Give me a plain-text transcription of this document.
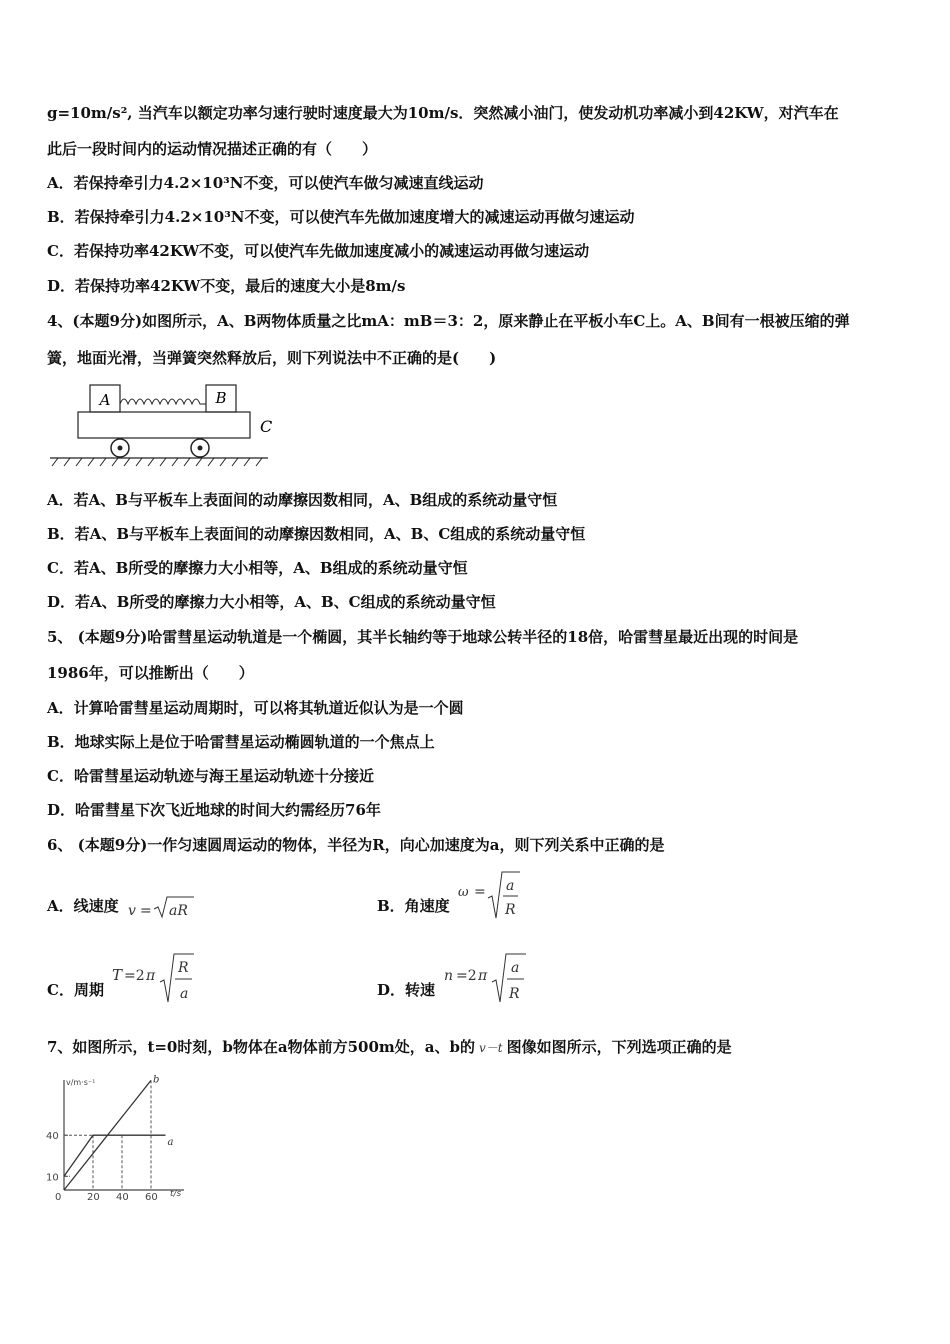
g=10m/s², 当汽车以额定功率匀速行驶时速度最大为10m/s．突然减小油门，使发动机功率减小到42KW，对汽车在
此后一段时间内的运动情况描述正确的有（　　）
A．若保持牵引力4.2×10³N不变，可以使汽车做匀减速直线运动
B．若保持牵引力4.2×10³N不变，可以使汽车先做加速度增大的减速运动再做匀速运动
C．若保持功率42KW不变，可以使汽车先做加速度减小的减速运动再做匀速运动
D．若保持功率42KW不变，最后的速度大小是8m/s
4、(本题9分)如图所示，A、B两物体质量之比mA：mB＝3：2，原来静止在平板小车C上。A、B间有一根被压缩的弹
簧，地面光滑，当弹簧突然释放后，则下列说法中不正确的是(　　)
A	B
C
A．若A、B与平板车上表面间的动摩擦因数相同，A、B组成的系统动量守恒
B．若A、B与平板车上表面间的动摩擦因数相同，A、B、C组成的系统动量守恒
C．若A、B所受的摩擦力大小相等，A、B组成的系统动量守恒
D．若A、B所受的摩擦力大小相等，A、B、C组成的系统动量守恒
5、 (本题9分)哈雷彗星运动轨道是一个椭圆，其半长轴约等于地球公转半径的18倍，哈雷彗星最近出现的时间是
1986年，可以推断出（　　）
A．计算哈雷彗星运动周期时，可以将其轨道近似认为是一个圆
B．地球实际上是位于哈雷彗星运动椭圆轨道的一个焦点上
C．哈雷彗星运动轨迹与海王星运动轨迹十分接近
D．哈雷彗星下次飞近地球的时间大约需经历76年
6、 (本题9分)一作匀速圆周运动的物体，半径为R，向心加速度为a，则下列关系中正确的是
A．线速度 v = aR	B．角速度
ω = a
R
C．周期
T =2 π R
a	D．转速
n =2 π a
R
7、如图所示，t=0时刻，b物体在a物体前方500m处，a、b的 v－t 图像如图所示，下列选项正确的是
v/m·s⁻¹
t/s
0	20 40 60
10
40
a
b
